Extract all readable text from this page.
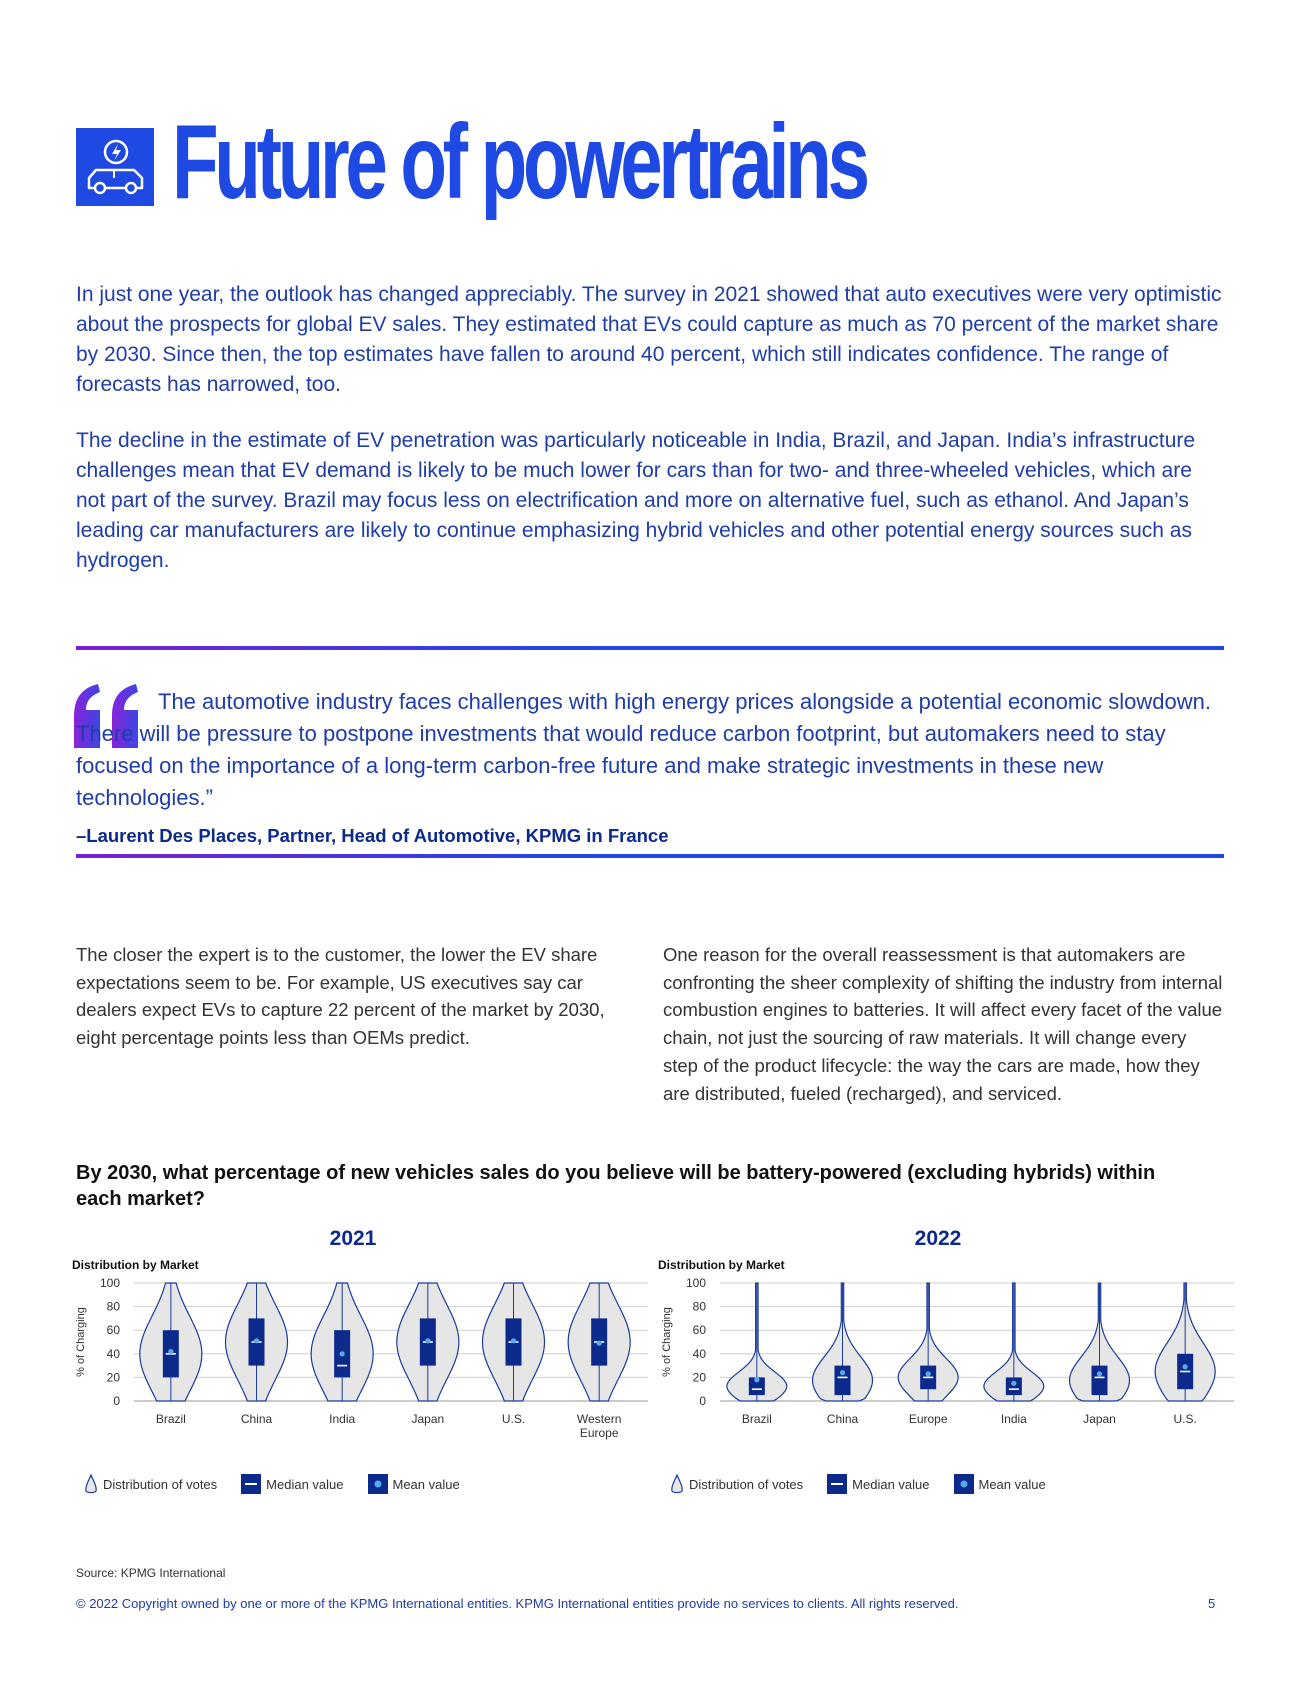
Future of powertrains

In just one year, the outlook has changed appreciably. The survey in 2021 showed that auto executives were very optimistic about the prospects for global EV sales. They estimated that EVs could capture as much as 70 percent of the market share by 2030. Since then, the top estimates have fallen to around 40 percent, which still indicates confidence. The range of forecasts has narrowed, too.

The decline in the estimate of EV penetration was particularly noticeable in India, Brazil, and Japan. India’s infrastructure challenges mean that EV demand is likely to be much lower for cars than for two- and three-wheeled vehicles, which are not part of the survey. Brazil may focus less on electrification and more on alternative fuel, such as ethanol. And Japan’s leading car manufacturers are likely to continue emphasizing hybrid vehicles and other potential energy sources such as hydrogen.

The automotive industry faces challenges with high energy prices alongside a potential economic slowdown. There will be pressure to postpone investments that would reduce carbon footprint, but automakers need to stay focused on the importance of a long-term carbon-free future and make strategic investments in these new technologies.”

–Laurent Des Places, Partner, Head of Automotive, KPMG in France

The closer the expert is to the customer, the lower the EV share expectations seem to be. For example, US executives say car dealers expect EVs to capture 22 percent of the market by 2030, eight percentage points less than OEMs predict.

One reason for the overall reassessment is that automakers are confronting the sheer complexity of shifting the industry from internal combustion engines to batteries. It will affect every facet of the value chain, not just the sourcing of raw materials. It will change every step of the product lifecycle: the way the cars are made, how they are distributed, fueled (recharged), and serviced.

By 2030, what percentage of new vehicles sales do you believe will be battery-powered (excluding hybrids) within each market?

2021
Distribution by Market
% of Charging
0
20
40
60
80
100
Brazil	China	India	Japan	U.S.	Western Europe
2022
Distribution by Market
% of Charging
0
20
40
60
80
100
Brazil	China	Europe	India	Japan	U.S.
Distribution of votes	Median value	Mean value	Distribution of votes	Median value	Mean value
Source: KPMG International
© 2022 Copyright owned by one or more of the KPMG International entities. KPMG International entities provide no services to clients. All rights reserved.	5
